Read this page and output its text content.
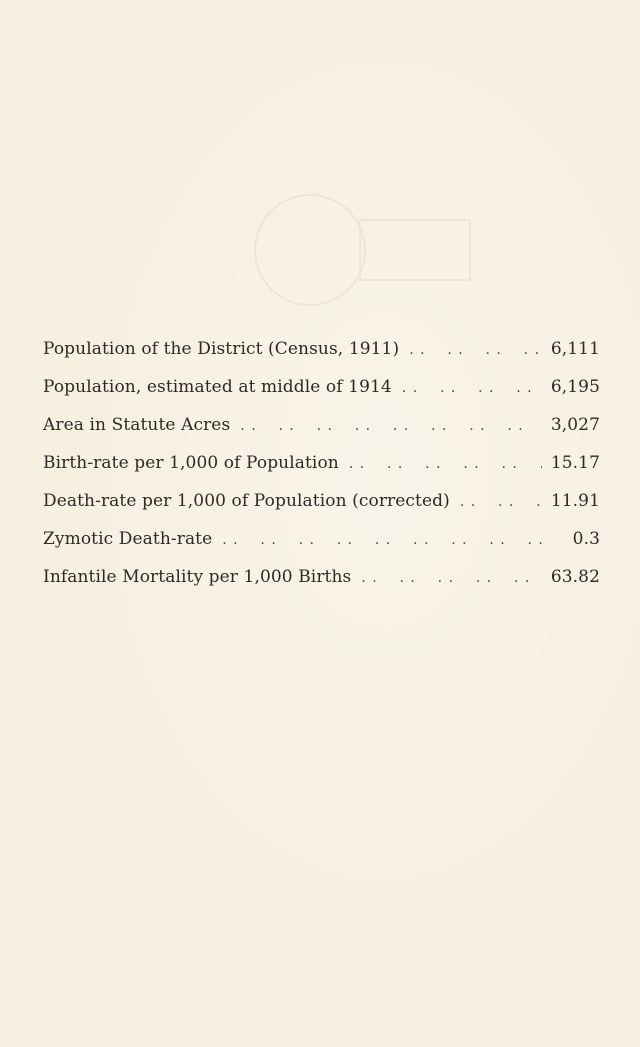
Population of the District (Census, 1911) . .	6,111
Population, estimated at middle of 1914 . .	6,195
Area in Statute Acres . .	3,027
Birth-rate per 1,000 of Population . .	15.17
Death-rate per 1,000 of Population (corrected) . .	11.91
Zymotic Death-rate . .	0.3
Infantile Mortality per 1,000 Births . .	63.82
